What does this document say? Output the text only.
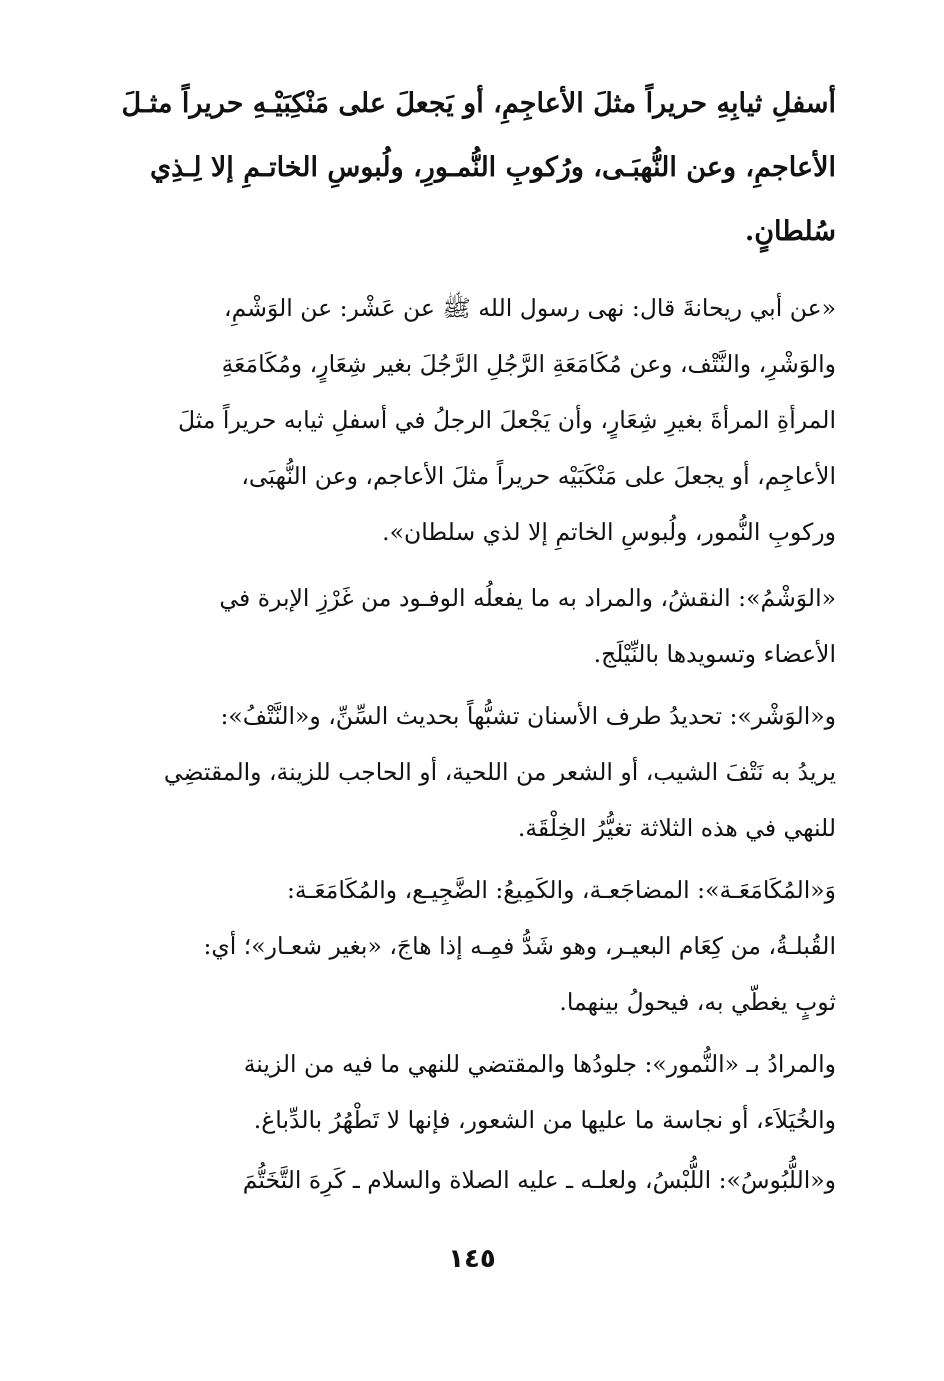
أسفلِ ثيابِهِ حريراً مثلَ الأعاجِمِ، أو يَجعلَ على مَنْكِبَيْـهِ حريراً مثـلَ
الأعاجمِ، وعن النُّهبَـى، ورُكوبِ النُّمـورِ، ولُبوسِ الخاتـمِ إلا لِـذِي
سُلطانٍ.
«عن أبي ريحانةَ قال: نهى رسول الله ﷺ عن عَشْر: عن الوَشْمِ،
والوَشْرِ، والنَّتْف، وعن مُكَامَعَةِ الرَّجُلِ الرَّجُلَ بغير شِعَارٍ، ومُكَامَعَةِ
المرأةِ المرأةَ بغيرِ شِعَارٍ، وأن يَجْعلَ الرجلُ في أسفلِ ثيابه حريراً مثلَ
الأعاجِم، أو يجعلَ على مَنْكَبَيْه حريراً مثلَ الأعاجم، وعن النُّهبَى،
وركوبِ النُّمور، ولُبوسِ الخاتمِ إلا لذي سلطان».
«الوَشْمُ»: النقشُ، والمراد به ما يفعلُه الوفـود من غَرْزِ الإبرة في
الأعضاء وتسويدها بالنِّيْلَج.
و«الوَشْر»: تحديدُ طرف الأسنان تشبُّهاً بحديث السِّنِّ، و«النَّتْفُ»:
يريدُ به نَتْفَ الشيب، أو الشعر من اللحية، أو الحاجب للزينة، والمقتضِي
للنهي في هذه الثلاثة تغيُّرُ الخِلْقَة.
وَ«المُكَامَعَـة»: المضاجَعـة، والكَمِيعُ: الضَّجِيـع، والمُكَامَعَـة:
القُبلـةُ، من كِعَام البعيـر، وهو شَدُّ فمِـه إذا هاجَ، «بغير شعـار»؛ أي:
ثوبٍ يغطّي به، فيحولُ بينهما.
والمرادُ بـ «النُّمور»: جلودُها والمقتضي للنهي ما فيه من الزينة
والخُيَلاَء، أو نجاسة ما عليها من الشعور، فإنها لا تَطْهُرُ بالدِّباغ.
و«اللُّبُوسُ»: اللُّبْسُ، ولعلـه ـ عليه الصلاة والسلام ـ كَرِهَ التَّخَتُّمَ
١٤٥
